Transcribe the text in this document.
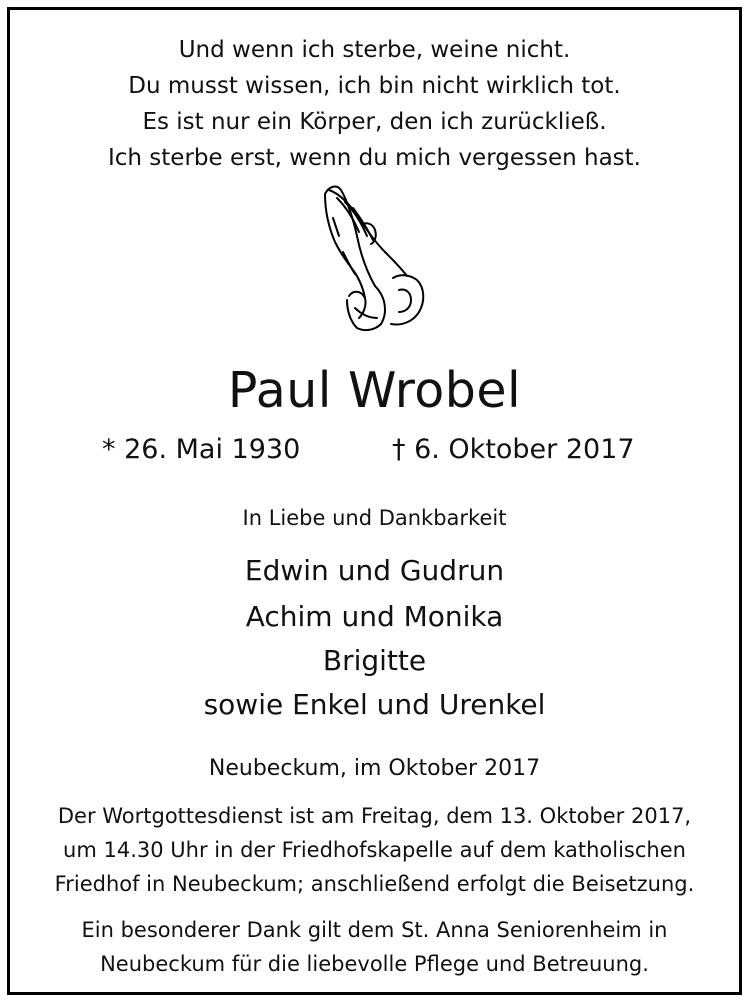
Und wenn ich sterbe, weine nicht.
Du musst wissen, ich bin nicht wirklich tot.
Es ist nur ein Körper, den ich zurückließ.
Ich sterbe erst, wenn du mich vergessen hast.
Paul Wrobel
* 26. Mai 1930	† 6. Oktober 2017
In Liebe und Dankbarkeit
Edwin und Gudrun
Achim und Monika
Brigitte
sowie Enkel und Urenkel
Neubeckum, im Oktober 2017
Der Wortgottesdienst ist am Freitag, dem 13. Oktober 2017,
um 14.30 Uhr in der Friedhofskapelle auf dem katholischen
Friedhof in Neubeckum; anschließend erfolgt die Beisetzung.
Ein besonderer Dank gilt dem St. Anna Seniorenheim in
Neubeckum für die liebevolle Pflege und Betreuung.
